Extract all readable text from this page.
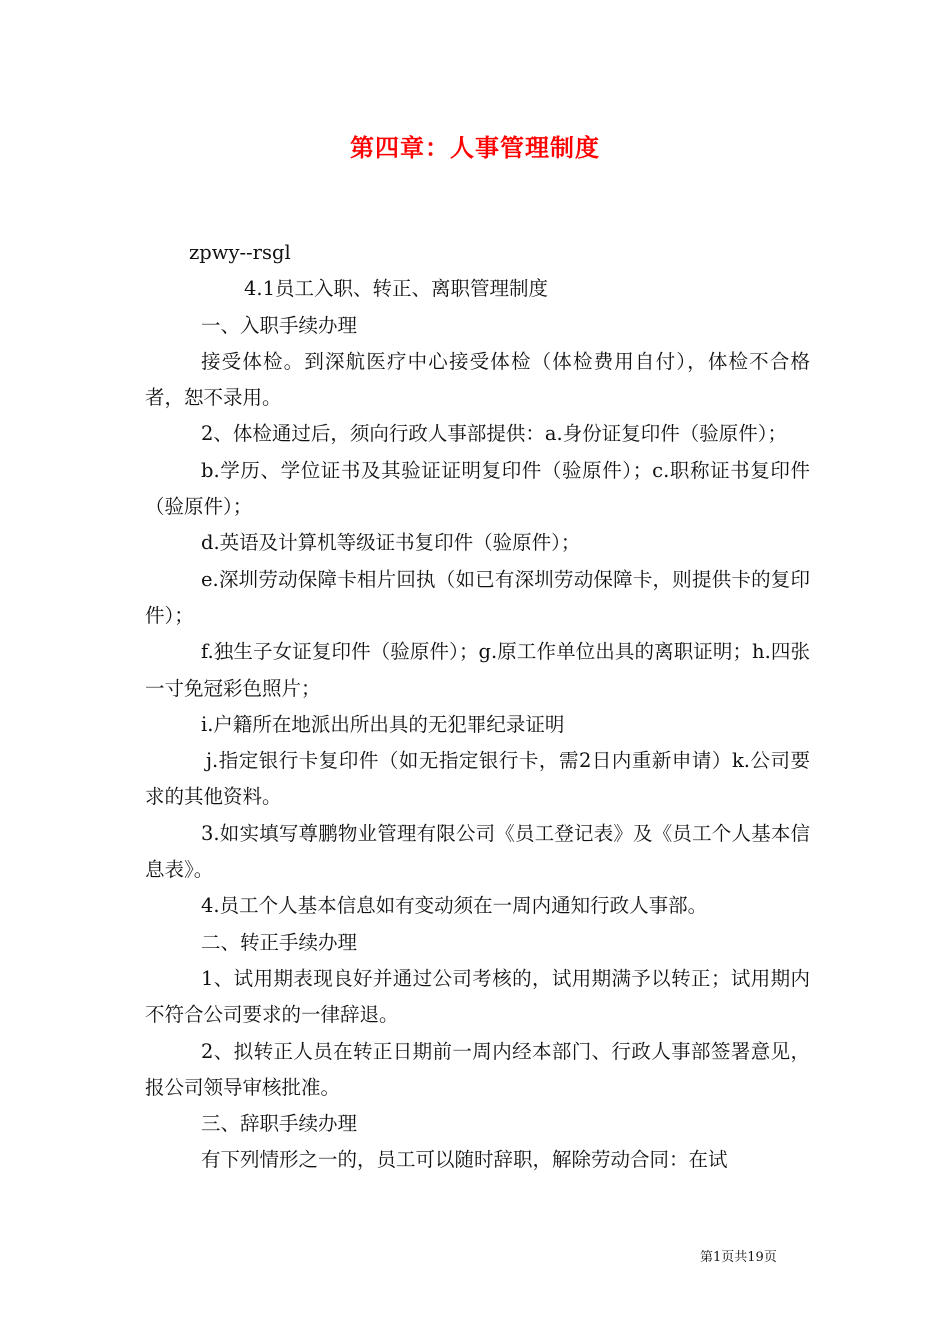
第四章：人事管理制度

zpwy--rsgl

4.1员工入职、转正、离职管理制度

一、入职手续办理

接受体检。到深航医疗中心接受体检（体检费用自付），体检不合格者，恕不录用。

2、体检通过后，须向行政人事部提供：a.身份证复印件（验原件）；

b.学历、学位证书及其验证证明复印件（验原件）；c.职称证书复印件（验原件）；

d.英语及计算机等级证书复印件（验原件）；

e.深圳劳动保障卡相片回执（如已有深圳劳动保障卡，则提供卡的复印件）；

f.独生子女证复印件（验原件）；g.原工作单位出具的离职证明；h.四张一寸免冠彩色照片；

i.户籍所在地派出所出具的无犯罪纪录证明

j.指定银行卡复印件（如无指定银行卡，需2日内重新申请）k.公司要求的其他资料。

3.如实填写尊鹏物业管理有限公司《员工登记表》及《员工个人基本信息表》。

4.员工个人基本信息如有变动须在一周内通知行政人事部。

二、转正手续办理

1、试用期表现良好并通过公司考核的，试用期满予以转正；试用期内不符合公司要求的一律辞退。

2、拟转正人员在转正日期前一周内经本部门、行政人事部签署意见，报公司领导审核批准。

三、辞职手续办理

有下列情形之一的，员工可以随时辞职，解除劳动合同：在试

第1页共19页
